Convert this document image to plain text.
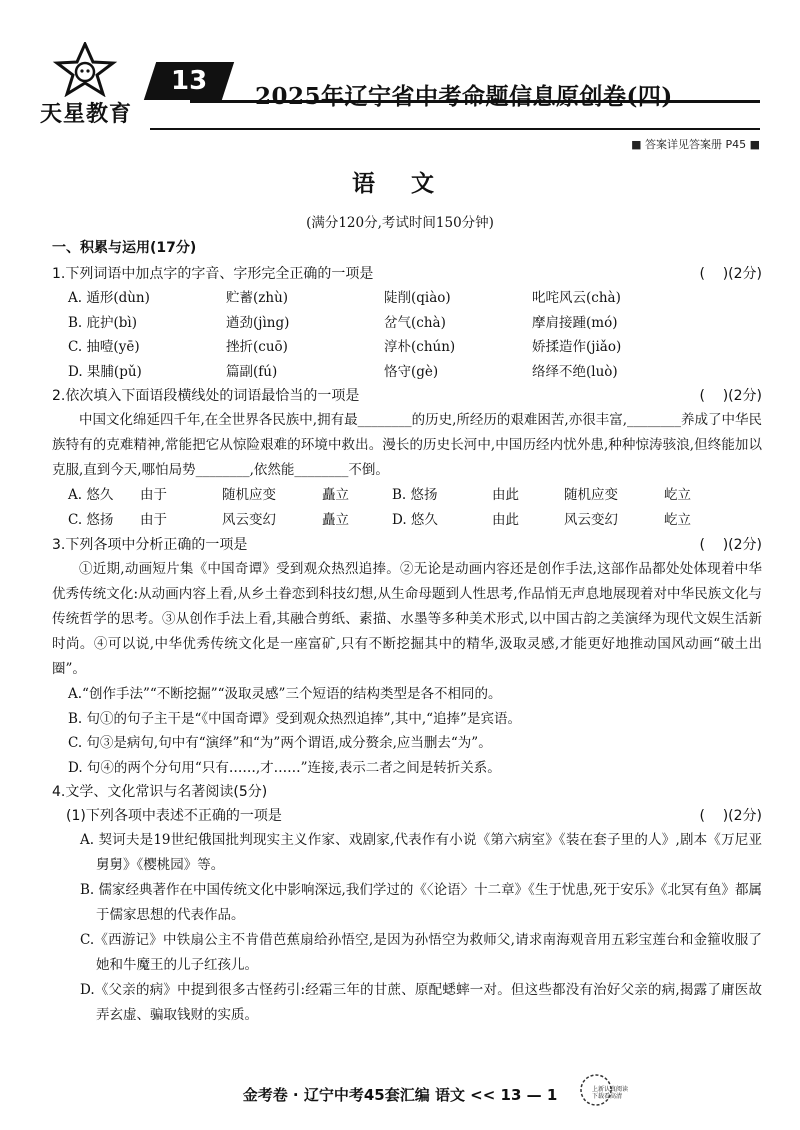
天星教育
13
2025年辽宁省中考命题信息原创卷(四)
■ 答案详见答案册 P45 ■
语 文
(满分120分,考试时间150分钟)
一、积累与运用(17分)
1.下列词语中加点字的字音、字形完全正确的一项是	(    )(2分)
A. 遁形(dùn)	贮蓄(zhù)	陡削(qiào)	叱咤风云(chà)
B. 庇护(bì)	遒劲(jìng)	岔气(chà)	摩肩接踵(mó)
C. 抽噎(yē)	挫折(cuō)	淳朴(chún)	娇揉造作(jiǎo)
D. 果脯(pǔ)	篇副(fú)	恪守(gè)	络绎不绝(luò)
2.依次填入下面语段横线处的词语最恰当的一项是	(    )(2分)
中国文化绵延四千年,在全世界各民族中,拥有最________的历史,所经历的艰难困苦,亦很丰富,________养成了中华民族特有的克难精神,常能把它从惊险艰难的环境中救出。漫长的历史长河中,中国历经内忧外患,种种惊涛骇浪,但终能加以克服,直到今天,哪怕局势________,依然能________不倒。
A. 悠久	由于	随机应变	矗立	B. 悠扬	由此	随机应变	屹立
C. 悠扬	由于	风云变幻	矗立	D. 悠久	由此	风云变幻	屹立
3.下列各项中分析正确的一项是	(    )(2分)
①近期,动画短片集《中国奇谭》受到观众热烈追捧。②无论是动画内容还是创作手法,这部作品都处处体现着中华优秀传统文化:从动画内容上看,从乡土眷恋到科技幻想,从生命母题到人性思考,作品悄无声息地展现着对中华民族文化与传统哲学的思考。③从创作手法上看,其融合剪纸、素描、水墨等多种美术形式,以中国古韵之美演绎为现代文娱生活新时尚。④可以说,中华优秀传统文化是一座富矿,只有不断挖掘其中的精华,汲取灵感,才能更好地推动国风动画“破土出圈”。
A.“创作手法”“不断挖掘”“汲取灵感”三个短语的结构类型是各不相同的。
B. 句①的句子主干是“《中国奇谭》受到观众热烈追捧”,其中,“追捧”是宾语。
C. 句③是病句,句中有“演绎”和“为”两个谓语,成分赘余,应当删去“为”。
D. 句④的两个分句用“只有……,才……”连接,表示二者之间是转折关系。
4.文学、文化常识与名著阅读(5分)
(1)下列各项中表述不正确的一项是	(    )(2分)
A. 契诃夫是19世纪俄国批判现实主义作家、戏剧家,代表作有小说《第六病室》《装在套子里的人》,剧本《万尼亚舅舅》《樱桃园》等。
B. 儒家经典著作在中国传统文化中影响深远,我们学过的《〈论语〉十二章》《生于忧患,死于安乐》《北冥有鱼》都属于儒家思想的代表作品。
C.《西游记》中铁扇公主不肯借芭蕉扇给孙悟空,是因为孙悟空为救师父,请求南海观音用五彩宝莲台和金箍收服了她和牛魔王的儿子红孩儿。
D.《父亲的病》中提到很多古怪药引:经霜三年的甘蔗、原配蟋蟀一对。但这些都没有治好父亲的病,揭露了庸医故弄玄虚、骗取钱财的实质。
金考卷 · 辽宁中考45套汇编 语文 << 13 — 1	上新认真阅读 下载看高清
